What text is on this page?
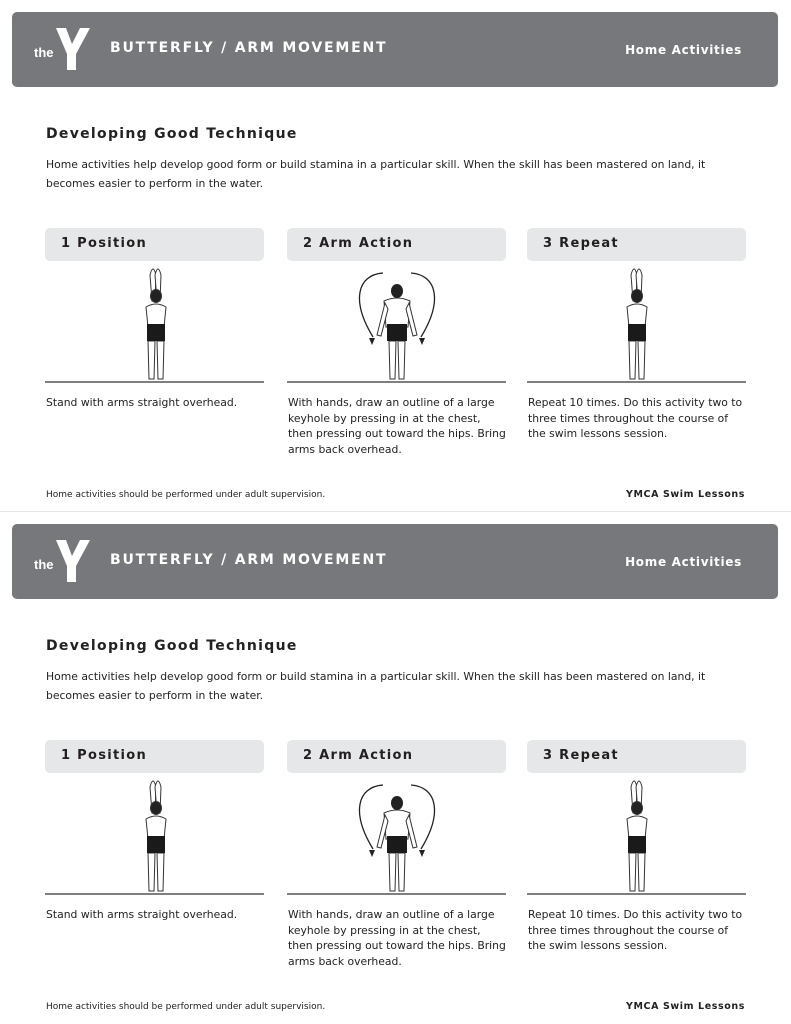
the
YMCA
BUTTERFLY / ARM MOVEMENT	Home Activities
Developing Good Technique
Home activities help develop good form or build stamina in a particular skill. When the skill has been mastered on land, it becomes easier to perform in the water.
1 Position
Stand with arms straight overhead.
2 Arm Action
With hands, draw an outline of a large keyhole by pressing in at the chest, then pressing out toward the hips. Bring arms back overhead.
3 Repeat
Repeat 10 times. Do this activity two to three times throughout the course of the swim lessons session.
Home activities should be performed under adult supervision.	YMCA Swim Lessons
the
YMCA
BUTTERFLY / ARM MOVEMENT	Home Activities
Developing Good Technique
Home activities help develop good form or build stamina in a particular skill. When the skill has been mastered on land, it becomes easier to perform in the water.
1 Position
Stand with arms straight overhead.
2 Arm Action
With hands, draw an outline of a large keyhole by pressing in at the chest, then pressing out toward the hips. Bring arms back overhead.
3 Repeat
Repeat 10 times. Do this activity two to three times throughout the course of the swim lessons session.
Home activities should be performed under adult supervision.	YMCA Swim Lessons
